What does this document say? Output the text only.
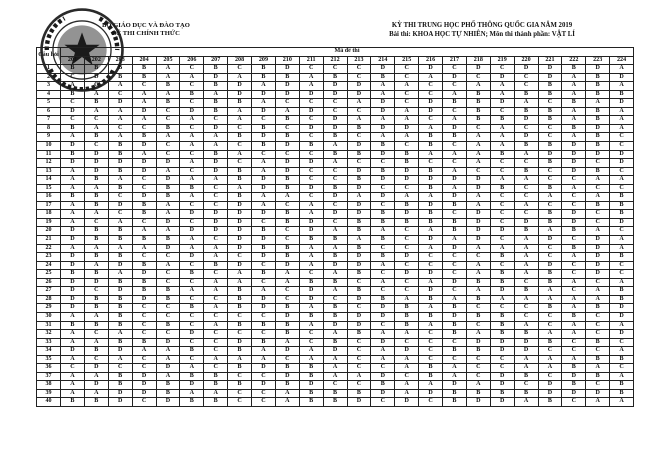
BỘ GIÁO DỤC VÀ ĐÀO TẠO
ĐỀ THI CHÍNH THỨC
KỲ THI TRUNG HỌC PHỔ THÔNG QUỐC GIA NĂM 2019
Bài thi: KHOA HỌC TỰ NHIÊN; Môn thi thành phần: VẬT LÍ
Câu hỏi	Mã đề thi																							
	201	202	203	204	205	206	207	208	209	210	211	212	213	214	215	216	217	218	219	220	221	222	223	224
1	B	B	B	B	A	C	B	C	B	D	C	C	C	D	C	D	C	D	C	D	D	B	D	A
2	C	D	B	B	A	A	D	A	B	B	A	B	C	B	C	A	D	C	D	C	D	A	B	D
3	A	C	A	C	B	C	B	D	A	D	A	D	D	A	A	C	C	A	A	C	B	A	B	A
4	B	A	C	A	A	B	A	D	D	D	D	D	D	A	C	C	A	B	A	B	B	A	B	B
5	C	B	D	A	B	C	B	B	A	C	C	C	A	D	C	D	B	B	D	A	C	B	A	D
6	D	A	A	D	C	D	B	A	D	A	D	C	C	D	A	D	C	B	C	B	B	A	B	A
7	C	C	A	A	C	A	C	A	C	B	C	D	A	A	A	C	A	B	B	D	B	A	B	A
8	B	A	C	C	B	C	D	C	B	C	D	D	B	D	D	A	D	C	A	C	C	B	D	A
9	A	B	A	B	A	A	A	B	D	B	C	B	C	A	A	B	B	A	A	D	C	A	B	C
10	D	C	B	D	C	A	A	C	B	D	B	A	D	B	C	B	C	A	A	B	B	D	B	C
11	B	D	B	A	C	C	B	A	C	C	C	B	B	D	B	A	A	A	B	A	D	D	D	D
12	D	D	D	D	D	A	D	C	A	D	D	A	C	C	B	C	C	A	C	C	B	D	C	D
13	A	D	B	D	A	C	D	B	A	D	C	C	D	B	D	B	A	C	C	B	C	D	B	C
14	A	B	A	C	D	A	A	B	D	B	C	C	B	D	D	D	D	D	A	A	C	C	A	A
15	A	A	B	C	B	B	C	A	D	B	D	B	D	C	C	B	A	D	B	C	B	A	C	C
16	B	B	C	D	B	A	C	B	A	A	C	D	A	D	A	A	D	A	C	C	A	C	A	B
17	A	B	D	B	A	C	C	D	A	C	A	C	D	C	B	D	B	A	C	A	C	C	B	B
18	A	A	C	B	A	D	D	D	D	B	A	D	D	B	D	B	C	D	C	C	B	D	C	B
19	A	C	A	C	D	C	D	D	C	B	D	C	B	B	B	B	B	D	C	D	B	D	C	D
20	D	B	B	A	A	D	D	D	B	C	D	A	B	A	C	A	B	D	D	B	A	B	A	C
21	D	B	B	B	B	A	C	D	D	C	B	B	A	B	C	D	A	D	C	A	D	C	D	A
22	A	A	A	A	D	A	A	D	B	B	A	A	B	C	C	A	D	A	A	A	C	B	D	A
23	D	B	B	C	C	D	A	C	D	B	A	B	D	B	D	C	C	C	B	A	C	A	D	B
24	D	A	D	B	A	C	B	D	C	D	A	D	D	A	C	C	C	A	C	A	D	C	D	C
25	B	B	A	D	C	B	C	A	B	A	C	A	B	C	D	D	C	A	B	A	B	C	D	C
26	D	D	B	B	C	C	A	A	C	A	B	B	C	A	C	A	D	B	B	C	B	A	C	A
27	D	C	D	B	B	A	A	B	A	C	D	A	B	C	C	D	C	A	D	B	A	C	A	B
28	D	B	B	D	B	C	C	B	D	C	D	C	D	B	A	B	A	B	A	A	A	A	A	B
29	D	B	B	C	C	B	A	B	D	B	A	B	C	D	B	A	B	C	C	C	B	A	B	D
30	A	A	B	C	C	C	C	C	C	D	B	B	D	D	B	B	D	B	B	C	C	B	C	D
31	B	B	B	C	B	C	A	B	B	B	A	D	D	C	B	A	B	C	B	A	C	A	C	A
32	A	C	A	C	C	D	C	C	C	B	C	A	B	A	A	C	B	A	B	B	A	A	C	D
33	A	A	B	B	D	C	C	D	B	A	C	B	C	D	C	C	C	D	D	D	B	C	B	C
34	D	B	D	A	A	B	C	B	A	D	A	D	C	A	D	C	B	B	D	D	C	C	C	A
35	A	C	A	C	A	C	A	A	A	C	A	A	C	A	A	C	C	C	C	A	A	A	B	B
36	C	D	C	C	D	A	C	B	D	B	B	A	C	C	A	B	A	C	C	A	A	B	A	C
37	A	A	B	D	A	B	B	C	C	D	B	A	A	D	C	B	A	C	D	B	C	D	B	A
38	A	D	B	D	B	D	B	B	D	B	D	C	C	B	A	A	D	A	D	C	D	B	C	B
39	A	A	D	D	B	A	A	C	C	A	B	B	B	D	A	D	B	B	B	B	D	D	D	B
40	B	B	D	C	D	B	B	C	C	A	B	B	D	C	D	C	B	D	D	A	B	C	A	A
